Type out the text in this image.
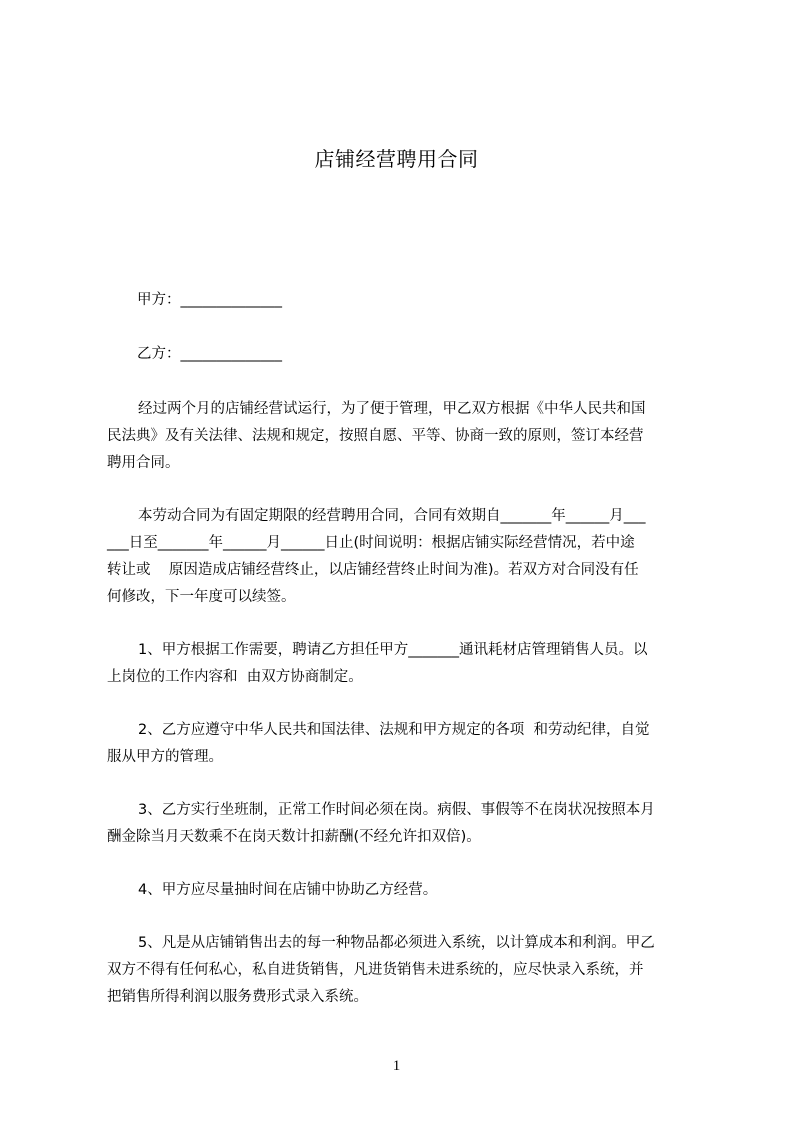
店铺经营聘用合同
甲方：______________
乙方：______________
经过两个月的店铺经营试运行，为了便于管理，甲乙双方根据《中华人民共和国
民法典》及有关法律、法规和规定，按照自愿、平等、协商一致的原则，签订本经营
聘用合同。
本劳动合同为有固定期限的经营聘用合同，合同有效期自_______年______月___
___日至_______年______月______日止(时间说明：根据店铺实际经营情况，若中途
转让或    原因造成店铺经营终止，以店铺经营终止时间为准)。若双方对合同没有任
何修改，下一年度可以续签。
1、甲方根据工作需要，聘请乙方担任甲方_______通讯耗材店管理销售人员。以
上岗位的工作内容和  由双方协商制定。
2、乙方应遵守中华人民共和国法律、法规和甲方规定的各项  和劳动纪律，自觉
服从甲方的管理。
3、乙方实行坐班制，正常工作时间必须在岗。病假、事假等不在岗状况按照本月
酬金除当月天数乘不在岗天数计扣薪酬(不经允许扣双倍)。
4、甲方应尽量抽时间在店铺中协助乙方经营。
5、凡是从店铺销售出去的每一种物品都必须进入系统，以计算成本和利润。甲乙
双方不得有任何私心，私自进货销售，凡进货销售未进系统的，应尽快录入系统，并
把销售所得利润以服务费形式录入系统。
1
